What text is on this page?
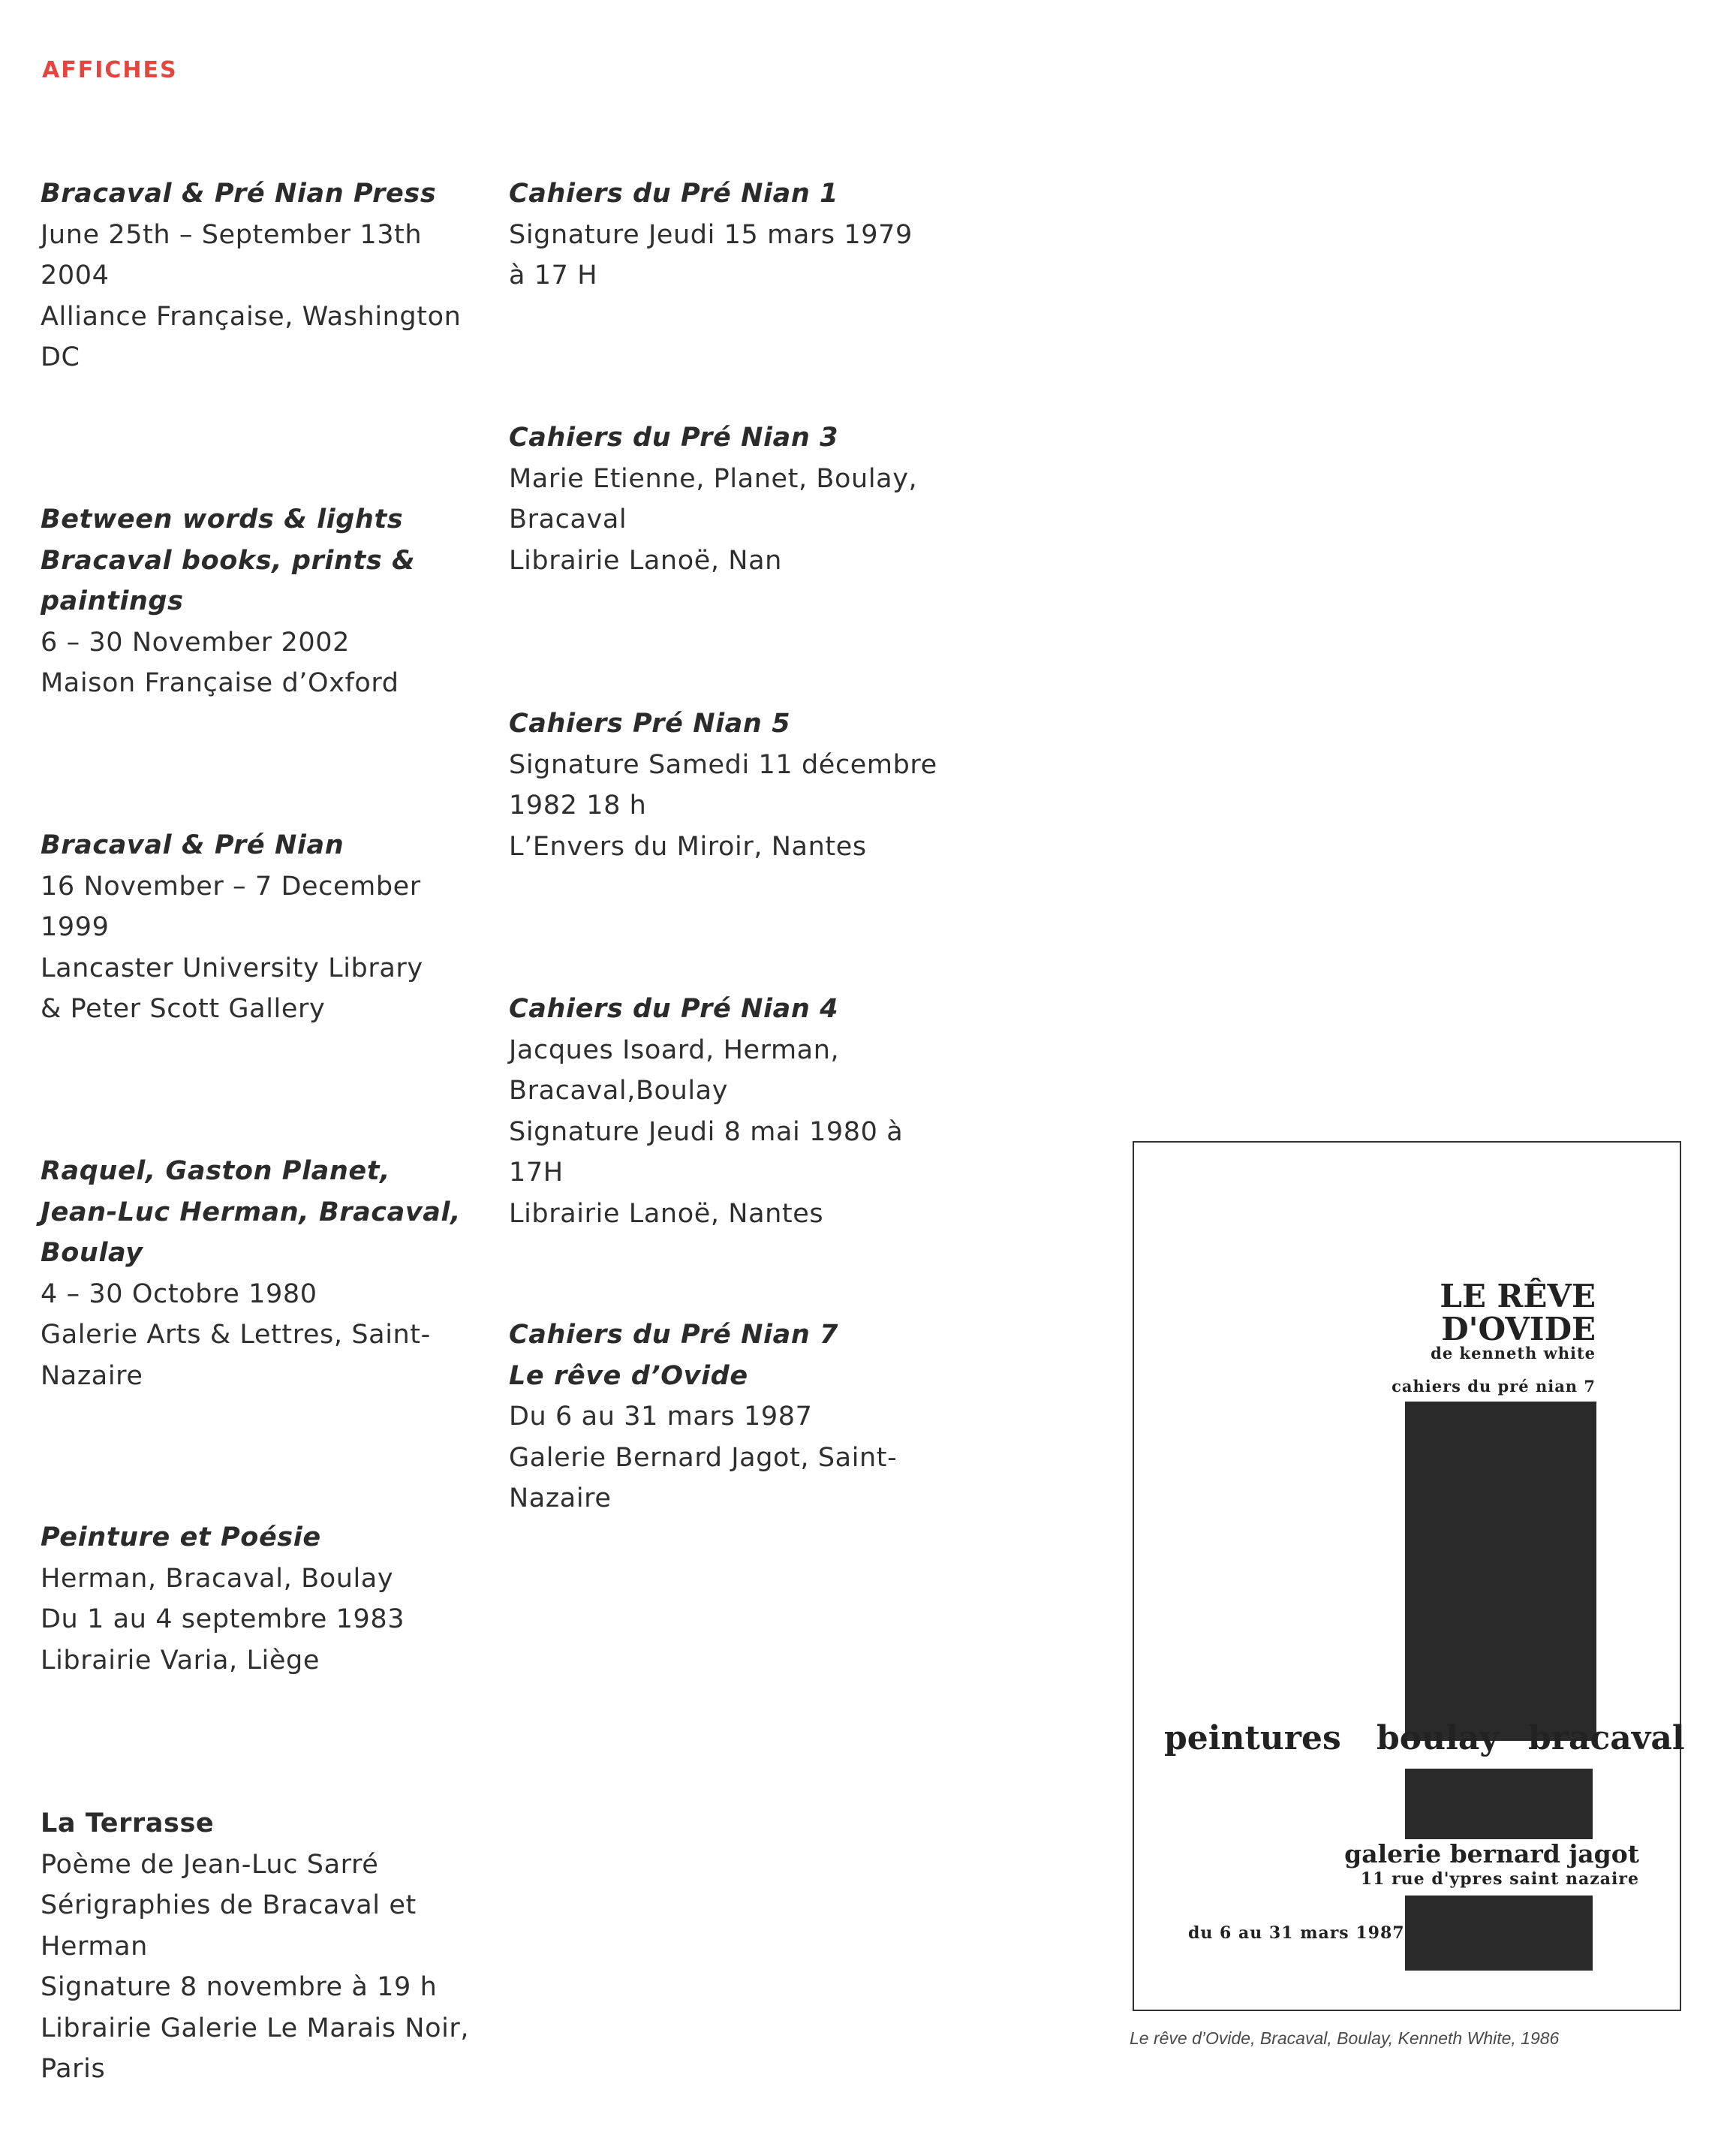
AFFICHES
Bracaval & Pré Nian Press
June 25th – September 13th
2004
Alliance Française, Washington
DC
Between words & lights
Bracaval books, prints &
paintings
6 – 30 November 2002
Maison Française d’Oxford
Bracaval & Pré Nian
16 November – 7 December
1999
Lancaster University Library
& Peter Scott Gallery
Raquel, Gaston Planet,
Jean-Luc Herman, Bracaval,
Boulay
4 – 30 Octobre 1980
Galerie Arts & Lettres, Saint-
Nazaire
Peinture et Poésie
Herman, Bracaval, Boulay
Du 1 au 4 septembre 1983
Librairie Varia, Liège
La Terrasse
Poème de Jean-Luc Sarré
Sérigraphies de Bracaval et
Herman
Signature 8 novembre à 19 h
Librairie Galerie Le Marais Noir,
Paris
Cahiers du Pré Nian 1
Signature Jeudi 15 mars 1979
à 17 H
Cahiers du Pré Nian 3
Marie Etienne, Planet, Boulay,
Bracaval
Librairie Lanoë, Nan
Cahiers Pré Nian 5
Signature Samedi 11 décembre
1982 18 h
L’Envers du Miroir, Nantes
Cahiers du Pré Nian 4
Jacques Isoard, Herman,
Bracaval,Boulay
Signature Jeudi 8 mai 1980 à
17H
Librairie Lanoë, Nantes
Cahiers du Pré Nian 7
Le rêve d’Ovide
Du 6 au 31 mars 1987
Galerie Bernard Jagot, Saint-
Nazaire
LE RÊVE
D'OVIDE
de kenneth white
cahiers du pré nian 7
peintures boulay bracaval
galerie bernard jagot
11 rue d'ypres saint nazaire
du 6 au 31 mars 1987
Le rêve d’Ovide, Bracaval, Boulay, Kenneth White, 1986
